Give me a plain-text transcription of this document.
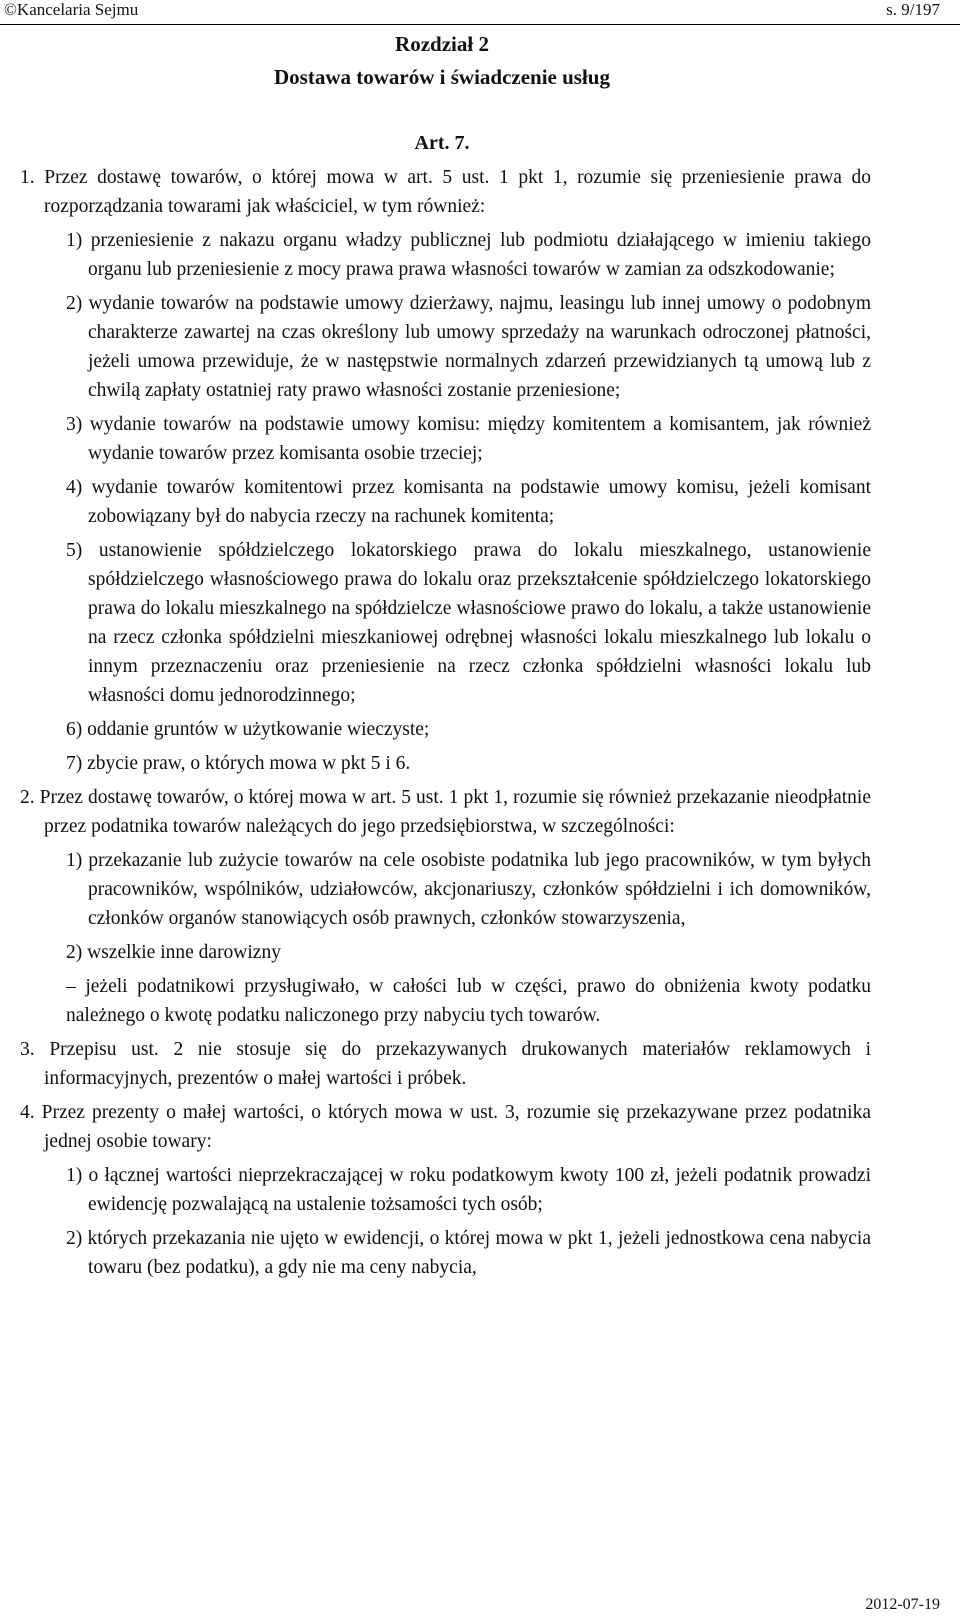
©Kancelaria Sejmu	s. 9/197
Rozdział 2
Dostawa towarów i świadczenie usług
Art. 7.

1. Przez dostawę towarów, o której mowa w art. 5 ust. 1 pkt 1, rozumie się przeniesienie prawa do rozporządzania towarami jak właściciel, w tym również:

1) przeniesienie z nakazu organu władzy publicznej lub podmiotu działającego w imieniu takiego organu lub przeniesienie z mocy prawa prawa własności towarów w zamian za odszkodowanie;

2) wydanie towarów na podstawie umowy dzierżawy, najmu, leasingu lub innej umowy o podobnym charakterze zawartej na czas określony lub umowy sprzedaży na warunkach odroczonej płatności, jeżeli umowa przewiduje, że w następstwie normalnych zdarzeń przewidzianych tą umową lub z chwilą zapłaty ostatniej raty prawo własności zostanie przeniesione;

3) wydanie towarów na podstawie umowy komisu: między komitentem a komisantem, jak również wydanie towarów przez komisanta osobie trzeciej;

4) wydanie towarów komitentowi przez komisanta na podstawie umowy komisu, jeżeli komisant zobowiązany był do nabycia rzeczy na rachunek komitenta;

5) ustanowienie spółdzielczego lokatorskiego prawa do lokalu mieszkalnego, ustanowienie spółdzielczego własnościowego prawa do lokalu oraz przekształcenie spółdzielczego lokatorskiego prawa do lokalu mieszkalnego na spółdzielcze własnościowe prawo do lokalu, a także ustanowienie na rzecz członka spółdzielni mieszkaniowej odrębnej własności lokalu mieszkalnego lub lokalu o innym przeznaczeniu oraz przeniesienie na rzecz członka spółdzielni własności lokalu lub własności domu jednorodzinnego;

6) oddanie gruntów w użytkowanie wieczyste;

7) zbycie praw, o których mowa w pkt 5 i 6.

2. Przez dostawę towarów, o której mowa w art. 5 ust. 1 pkt 1, rozumie się również przekazanie nieodpłatnie przez podatnika towarów należących do jego przedsiębiorstwa, w szczególności:

1) przekazanie lub zużycie towarów na cele osobiste podatnika lub jego pracowników, w tym byłych pracowników, wspólników, udziałowców, akcjonariuszy, członków spółdzielni i ich domowników, członków organów stanowiących osób prawnych, członków stowarzyszenia,

2) wszelkie inne darowizny

– jeżeli podatnikowi przysługiwało, w całości lub w części, prawo do obniżenia kwoty podatku należnego o kwotę podatku naliczonego przy nabyciu tych towarów.

3. Przepisu ust. 2 nie stosuje się do przekazywanych drukowanych materiałów reklamowych i informacyjnych, prezentów o małej wartości i próbek.

4. Przez prezenty o małej wartości, o których mowa w ust. 3, rozumie się przekazywane przez podatnika jednej osobie towary:

1) o łącznej wartości nieprzekraczającej w roku podatkowym kwoty 100 zł, jeżeli podatnik prowadzi ewidencję pozwalającą na ustalenie tożsamości tych osób;

2) których przekazania nie ujęto w ewidencji, o której mowa w pkt 1, jeżeli jednostkowa cena nabycia towaru (bez podatku), a gdy nie ma ceny nabycia,

2012-07-19
